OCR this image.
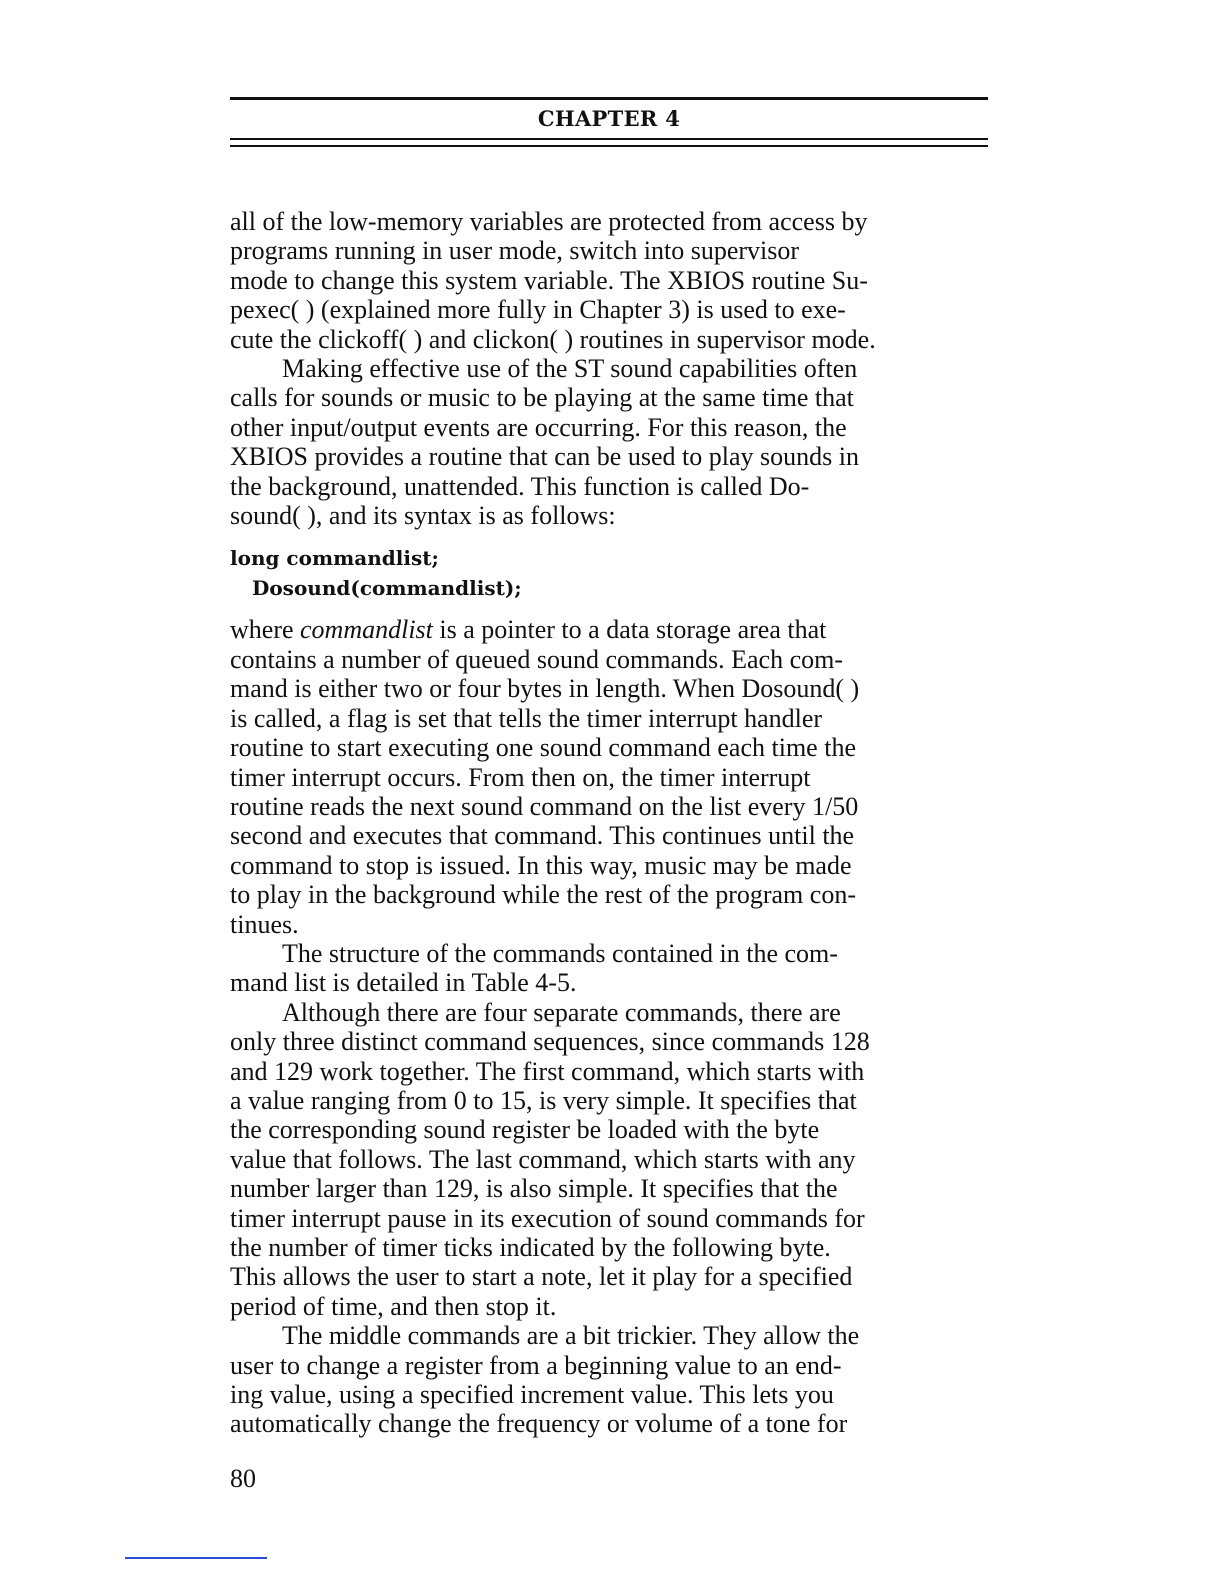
CHAPTER 4
all of the low-memory variables are protected from access by
programs running in user mode, switch into supervisor
mode to change this system variable. The XBIOS routine Su-
pexec( ) (explained more fully in Chapter 3) is used to exe-
cute the clickoff( ) and clickon( ) routines in supervisor mode.
Making effective use of the ST sound capabilities often
calls for sounds or music to be playing at the same time that
other input/output events are occurring. For this reason, the
XBIOS provides a routine that can be used to play sounds in
the background, unattended. This function is called Do-
sound( ), and its syntax is as follows:
long commandlist;
Dosound(commandlist);
where commandlist is a pointer to a data storage area that
contains a number of queued sound commands. Each com-
mand is either two or four bytes in length. When Dosound( )
is called, a flag is set that tells the timer interrupt handler
routine to start executing one sound command each time the
timer interrupt occurs. From then on, the timer interrupt
routine reads the next sound command on the list every 1/50
second and executes that command. This continues until the
command to stop is issued. In this way, music may be made
to play in the background while the rest of the program con-
tinues.
The structure of the commands contained in the com-
mand list is detailed in Table 4-5.
Although there are four separate commands, there are
only three distinct command sequences, since commands 128
and 129 work together. The first command, which starts with
a value ranging from 0 to 15, is very simple. It specifies that
the corresponding sound register be loaded with the byte
value that follows. The last command, which starts with any
number larger than 129, is also simple. It specifies that the
timer interrupt pause in its execution of sound commands for
the number of timer ticks indicated by the following byte.
This allows the user to start a note, let it play for a specified
period of time, and then stop it.
The middle commands are a bit trickier. They allow the
user to change a register from a beginning value to an end-
ing value, using a specified increment value. This lets you
automatically change the frequency or volume of a tone for
80
